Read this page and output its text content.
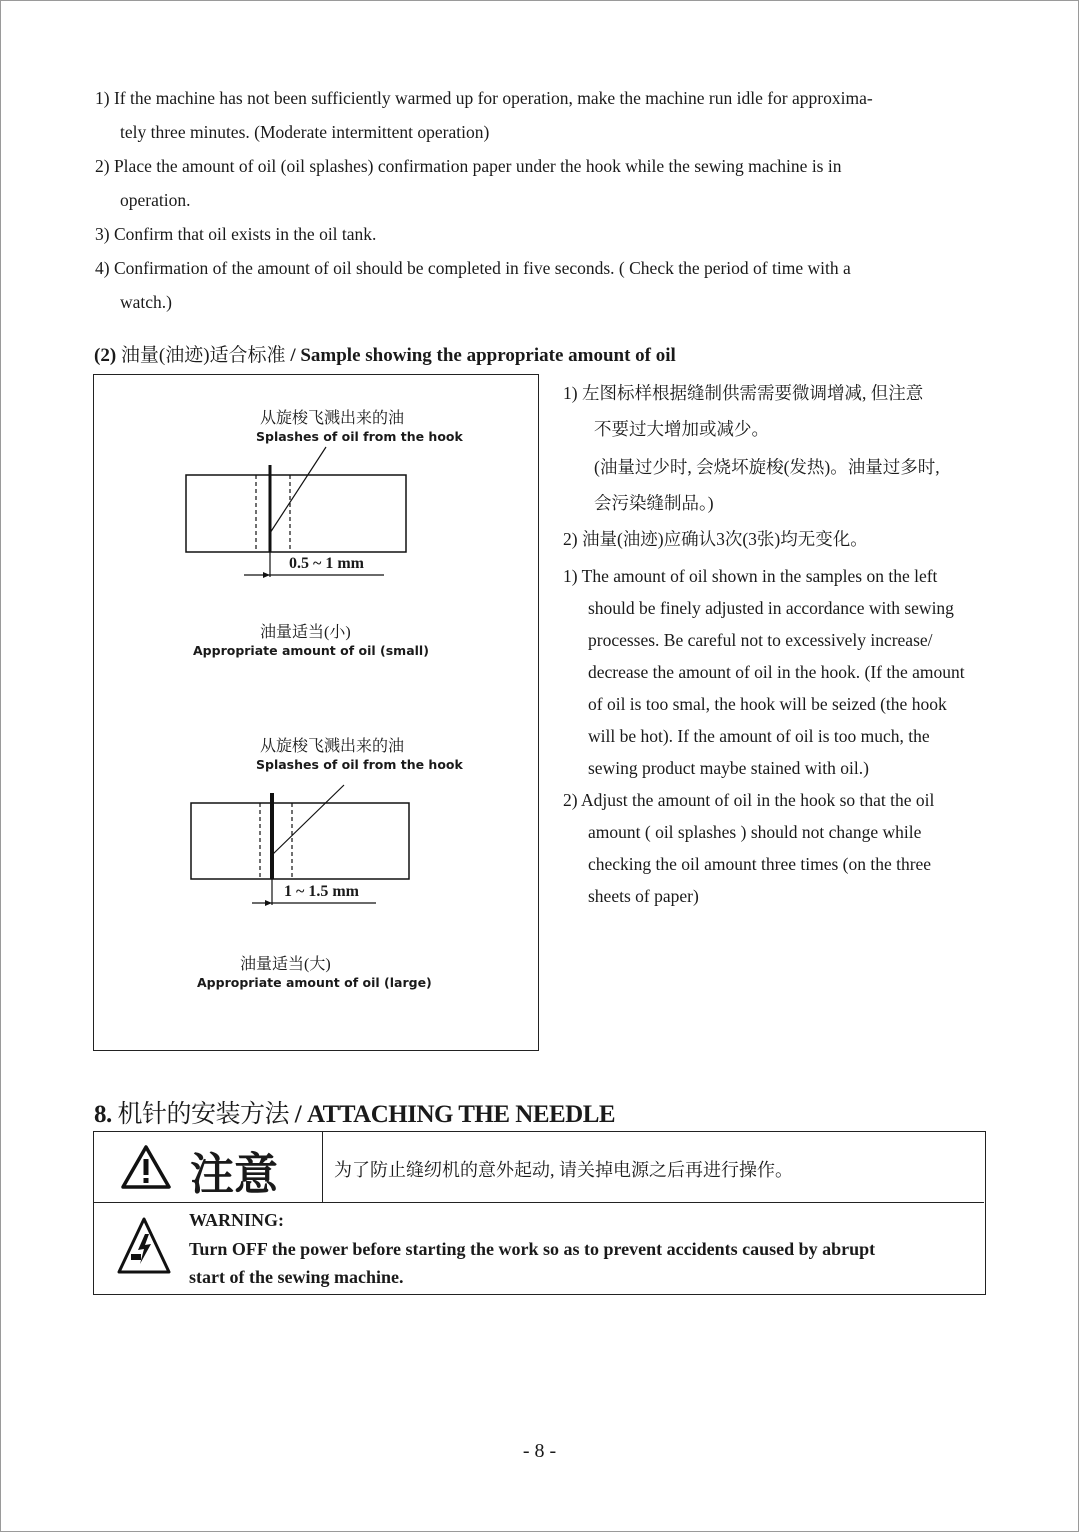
1) If the machine has not been sufficiently warmed up for operation, make the machine run idle for approxima-
tely three minutes. (Moderate intermittent operation)
2) Place the amount of oil (oil splashes) confirmation paper under the hook while the sewing machine is in
operation.
3) Confirm that oil exists in the oil tank.
4) Confirmation of the amount of oil should be completed in five seconds. ( Check the period of time with a
watch.)
(2) 油量(油迹)适合标准 / Sample showing the appropriate amount of oil
从旋梭飞溅出来的油
Splashes of oil from the hook
0.5 ~ 1 mm
油量适当(小)
Appropriate amount of oil (small)
从旋梭飞溅出来的油
Splashes of oil from the hook
1 ~ 1.5 mm
油量适当(大)
Appropriate amount of oil (large)
1) 左图标样根据缝制供需需要微调增减, 但注意
不要过大增加或减少。
(油量过少时, 会烧坏旋梭(发热)。油量过多时,
会污染缝制品。)
2) 油量(油迹)应确认3次(3张)均无变化。
1) The amount of oil shown in the samples on the left
should be finely adjusted in accordance with sewing
processes. Be careful not to excessively increase/
decrease the amount of oil in the hook. (If the amount
of oil is too smal, the hook will be seized (the hook
will be hot). If the amount of oil is too much, the
sewing product maybe stained with oil.)
2) Adjust the amount of oil in the hook so that the oil
amount ( oil splashes ) should not change while
checking the oil amount three times (on the three
sheets of paper)
8. 机针的安装方法 / ATTACHING THE NEEDLE
注意	为了防止缝纫机的意外起动, 请关掉电源之后再进行操作。
WARNING:
Turn OFF the power before starting the work so as to prevent accidents caused by abrupt
start of the sewing machine.
- 8 -
